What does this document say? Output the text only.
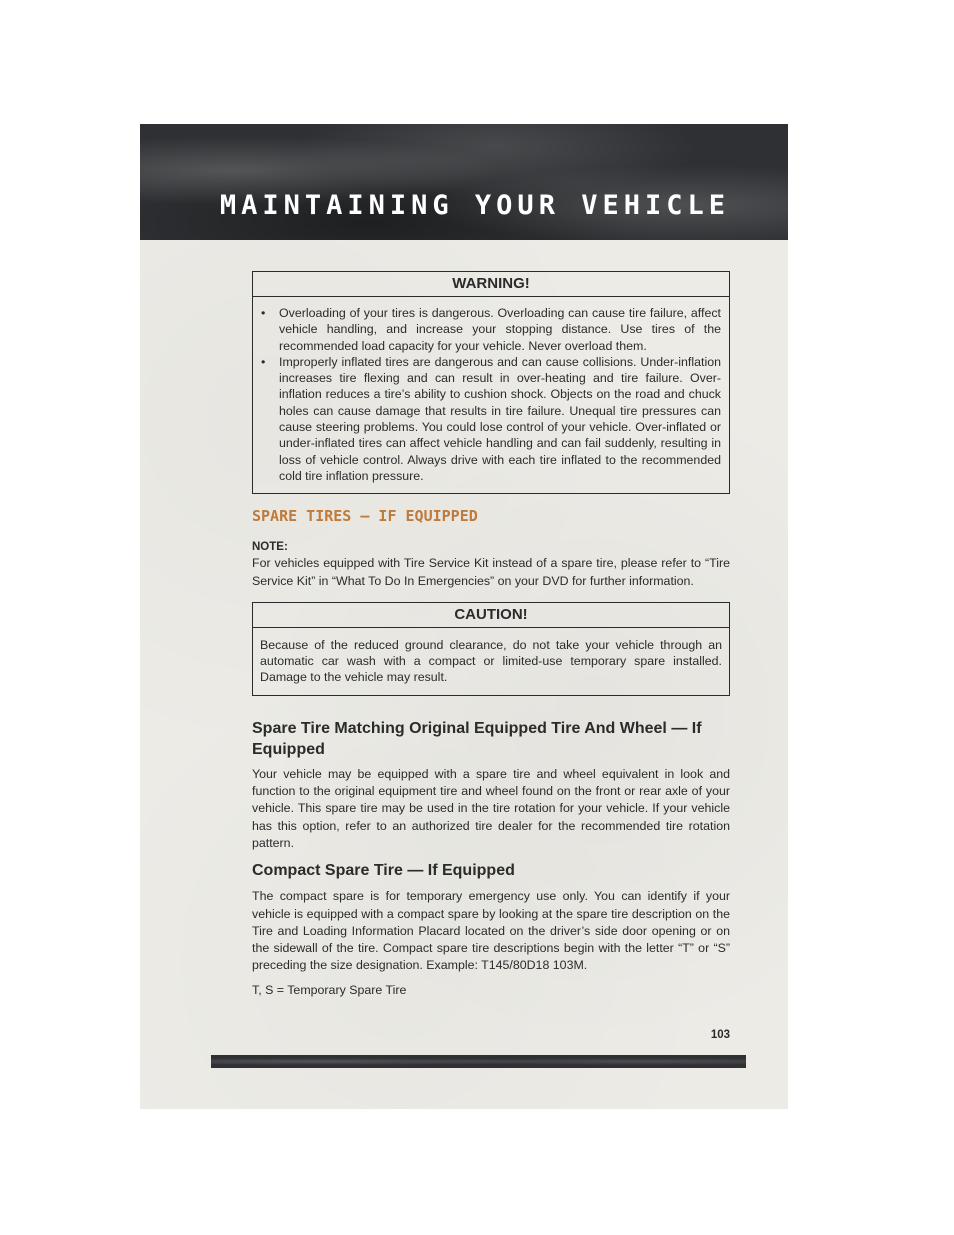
MAINTAINING YOUR VEHICLE
WARNING!
• Overloading of your tires is dangerous. Overloading can cause tire failure, affect vehicle handling, and increase your stopping distance. Use tires of the recommended load capacity for your vehicle. Never overload them.
• Improperly inflated tires are dangerous and can cause collisions. Under-inflation increases tire flexing and can result in over-heating and tire failure. Over-inflation reduces a tire’s ability to cushion shock. Objects on the road and chuck holes can cause damage that results in tire failure. Unequal tire pressures can cause steering problems. You could lose control of your vehicle. Over-inflated or under-inflated tires can affect vehicle handling and can fail suddenly, resulting in loss of vehicle control. Always drive with each tire inflated to the recommended cold tire inflation pressure.
SPARE TIRES — IF EQUIPPED
NOTE:
For vehicles equipped with Tire Service Kit instead of a spare tire, please refer to “Tire Service Kit” in “What To Do In Emergencies” on your DVD for further information.
CAUTION!
Because of the reduced ground clearance, do not take your vehicle through an automatic car wash with a compact or limited-use temporary spare installed. Damage to the vehicle may result.
Spare Tire Matching Original Equipped Tire And Wheel — If Equipped
Your vehicle may be equipped with a spare tire and wheel equivalent in look and function to the original equipment tire and wheel found on the front or rear axle of your vehicle. This spare tire may be used in the tire rotation for your vehicle. If your vehicle has this option, refer to an authorized tire dealer for the recommended tire rotation pattern.
Compact Spare Tire — If Equipped
The compact spare is for temporary emergency use only. You can identify if your vehicle is equipped with a compact spare by looking at the spare tire description on the Tire and Loading Information Placard located on the driver’s side door opening or on the sidewall of the tire. Compact spare tire descriptions begin with the letter “T” or “S” preceding the size designation. Example: T145/80D18 103M.
T, S = Temporary Spare Tire
103
